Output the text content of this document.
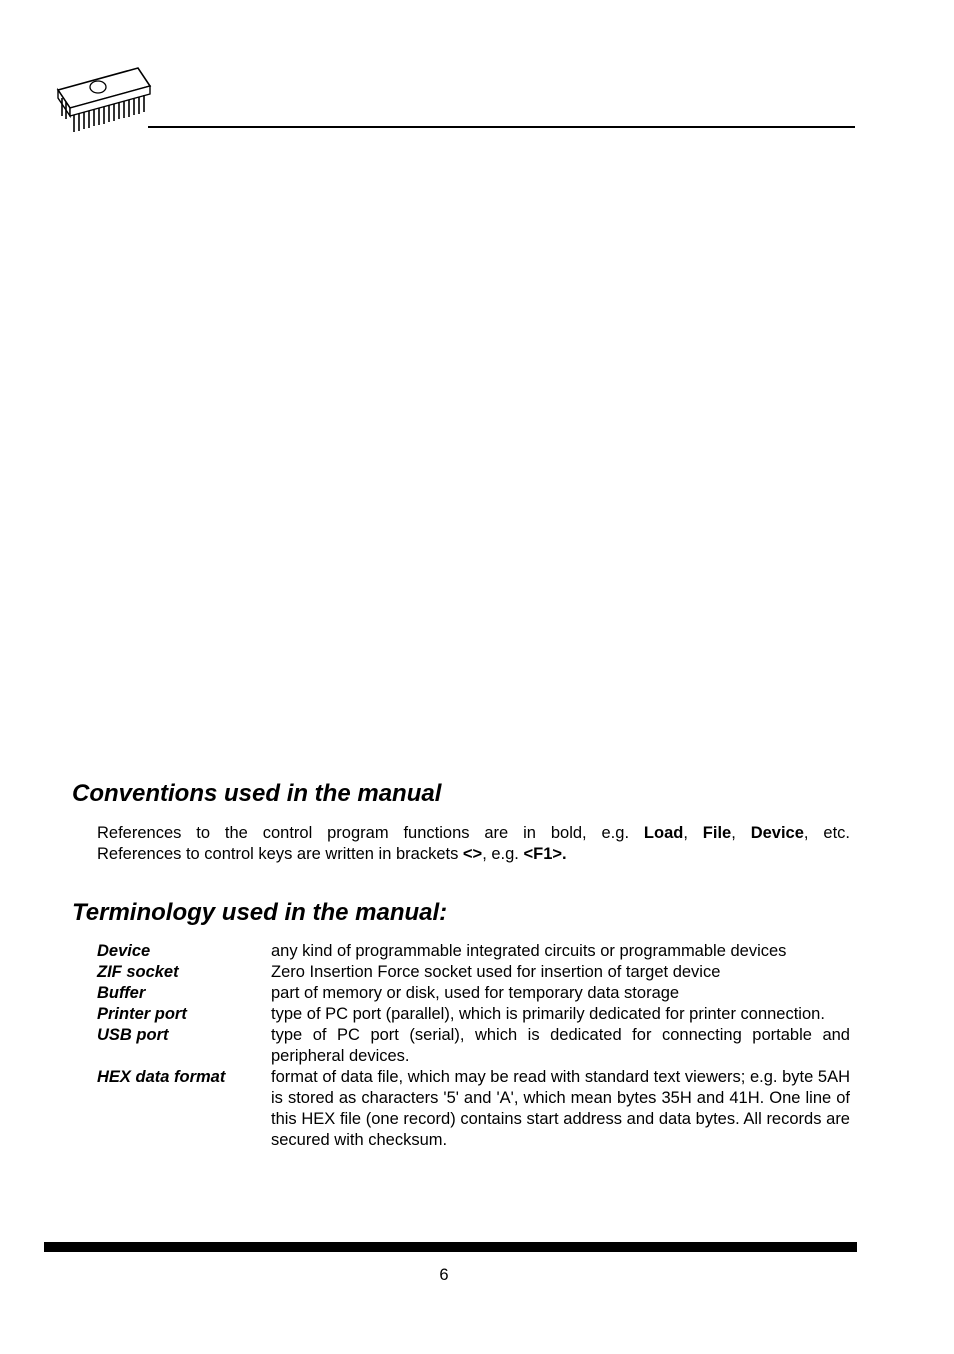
Conventions used in the manual
References to the control program functions are in bold, e.g. Load, File, Device, etc.
References to control keys are written in brackets <>, e.g. <F1>.
Terminology used in the manual:
Device	any kind of programmable integrated circuits or programmable devices
ZIF socket	Zero Insertion Force socket used for insertion of target device
Buffer	part of memory or disk, used for temporary data storage
Printer port	type of PC port (parallel), which is primarily dedicated for printer connection.
USB port	type of PC port (serial), which is dedicated for connecting portable and peripheral devices.
HEX data format	format of data file, which may be read with standard text viewers; e.g. byte 5AH is stored as characters '5' and 'A', which mean bytes 35H and 41H. One line of this HEX file (one record) contains start address and data bytes. All records are secured with checksum.
6
